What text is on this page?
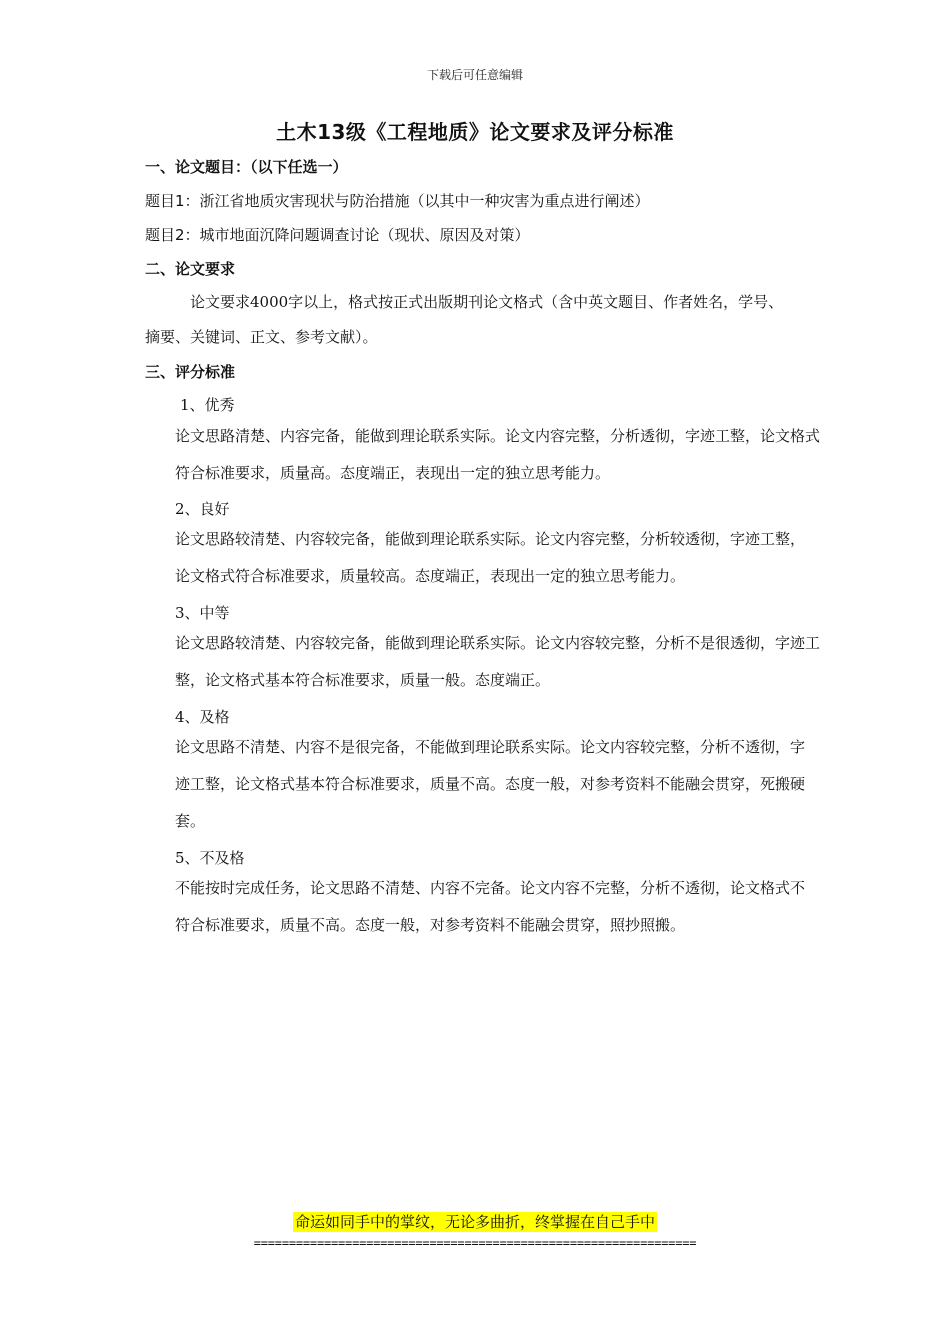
下载后可任意编辑
土木13级《工程地质》论文要求及评分标准
一、论文题目：（以下任选一）
题目1：浙江省地质灾害现状与防治措施（以其中一种灾害为重点进行阐述）
题目2：城市地面沉降问题调查讨论（现状、原因及对策）
二、论文要求
论文要求4000字以上，格式按正式出版期刊论文格式（含中英文题目、作者姓名，学号、
摘要、关键词、正文、参考文献）。
三、评分标准
1、优秀
论文思路清楚、内容完备，能做到理论联系实际。论文内容完整，分析透彻，字迹工整，论文格式符合标准要求，质量高。态度端正，表现出一定的独立思考能力。
2、良好
论文思路较清楚、内容较完备，能做到理论联系实际。论文内容完整，分析较透彻，字迹工整，论文格式符合标准要求，质量较高。态度端正，表现出一定的独立思考能力。
3、中等
论文思路较清楚、内容较完备，能做到理论联系实际。论文内容较完整，分析不是很透彻，字迹工整，论文格式基本符合标准要求，质量一般。态度端正。
4、及格
论文思路不清楚、内容不是很完备，不能做到理论联系实际。论文内容较完整，分析不透彻，字迹工整，论文格式基本符合标准要求，质量不高。态度一般，对参考资料不能融会贯穿，死搬硬套。
5、不及格
不能按时完成任务，论文思路不清楚、内容不完备。论文内容不完整，分析不透彻，论文格式不符合标准要求，质量不高。态度一般，对参考资料不能融会贯穿，照抄照搬。
命运如同手中的掌纹，无论多曲折，终掌握在自己手中
===============================================================
